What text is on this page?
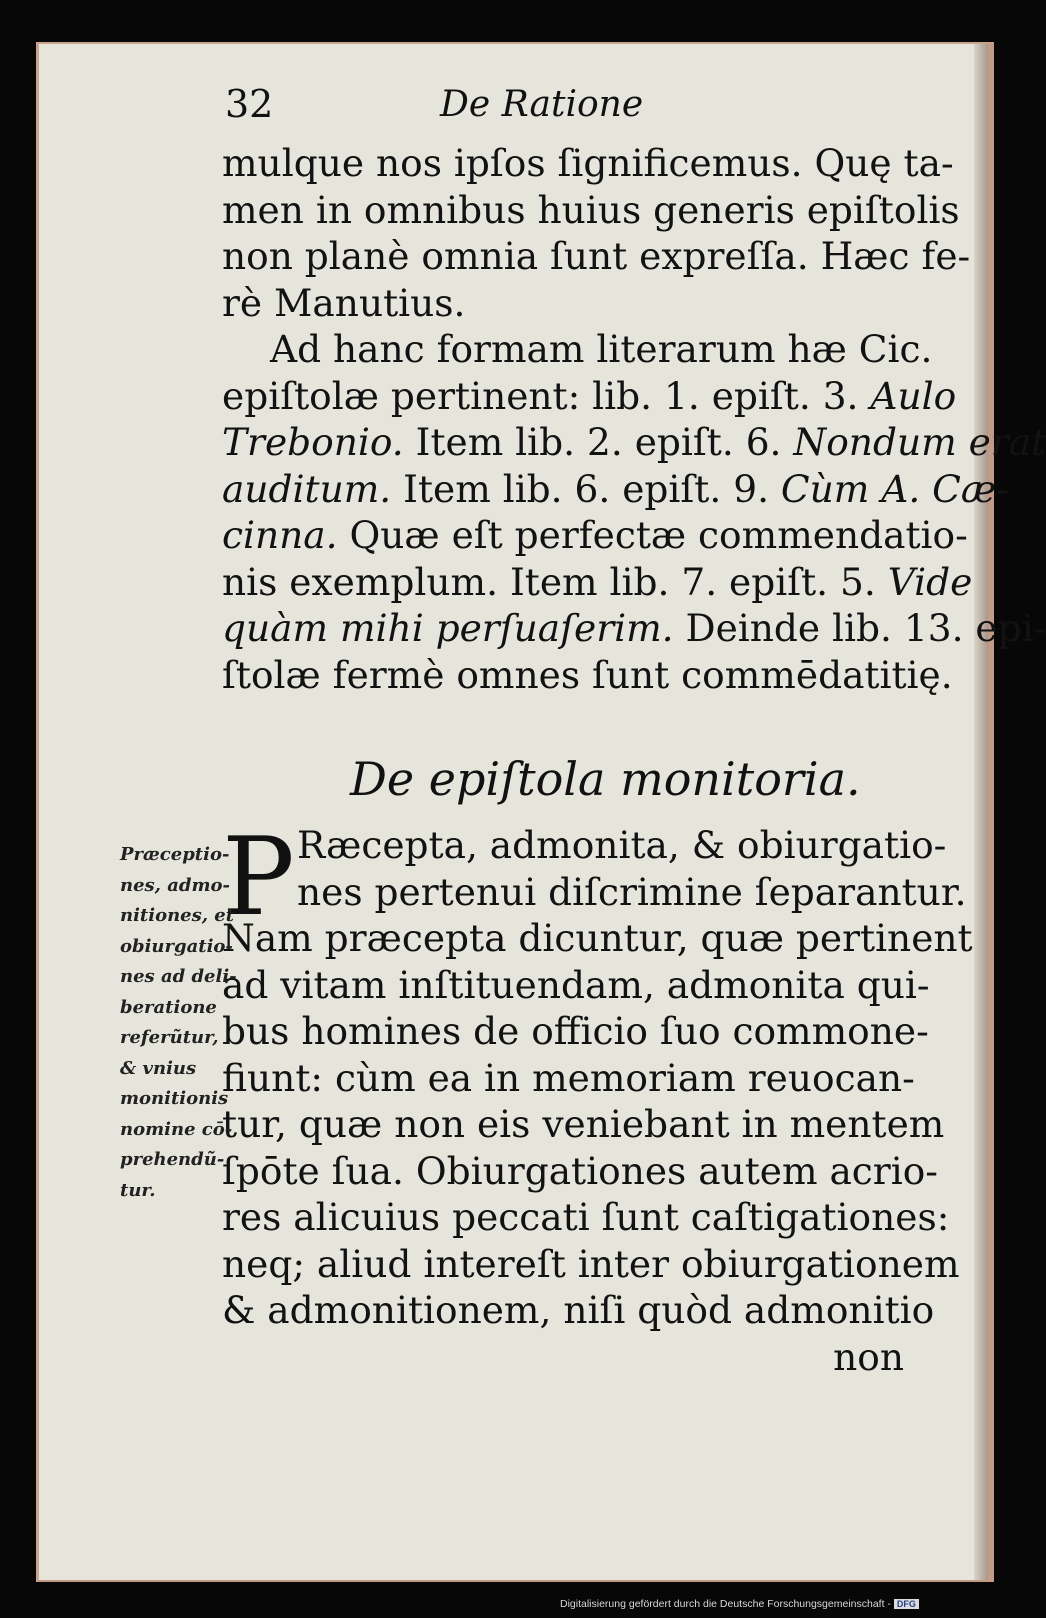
32	De Ratione
mulque nos ipſos ſignificemus. Quę ta-
men in omnibus huius generis epiſtolis
non planè omnia ſunt expreſſa. Hæc fe-
rè Manutius.
Ad hanc formam literarum hæ Cic.
epiſtolæ pertinent: lib. 1. epiſt. 3. Aulo
Trebonio. Item lib. 2. epiſt. 6. Nondum erat
auditum. Item lib. 6. epiſt. 9. Cùm A. Cæ-
cinna. Quæ eſt perfectæ commendatio-
nis exemplum. Item lib. 7. epiſt. 5. Vide
quàm mihi perſuaſerim. Deinde lib. 13. epi-
ſtolæ fermè omnes ſunt commēdatitię.
De epiſtola monitoria.
P Ræcepta, admonita, & obiurgatio-
nes pertenui diſcrimine ſeparantur.
Nam præcepta dicuntur, quæ pertinent
ad vitam inſtituendam, admonita qui-
bus homines de officio ſuo commone-
fiunt: cùm ea in memoriam reuocan-
tur, quæ non eis veniebant in mentem
ſpōte ſua. Obiurgationes autem acrio-
res alicuius peccati ſunt caſtigationes:
neq; aliud intereſt inter obiurgationem
& admonitionem, niſi quòd admonitio
non
Præceptio-
nes, admo-
nitiones, et
obiurgatio-
nes ad deli-
beratione
referũtur,
& vnius
monitionis
nomine cō-
prehendũ-
tur.
Digitalisierung gefördert durch die Deutsche Forschungsgemeinschaft - DFG
